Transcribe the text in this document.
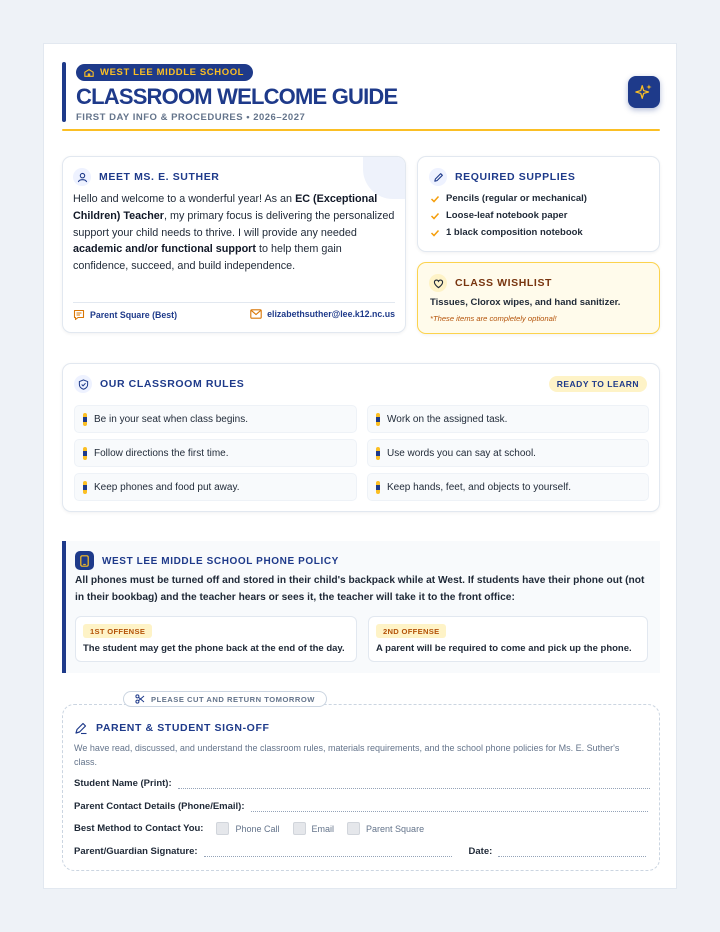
WEST LEE MIDDLE SCHOOL
CLASSROOM WELCOME GUIDE
FIRST DAY INFO & PROCEDURES • 2026–2027
MEET MS. E. SUTHER
Hello and welcome to a wonderful year! As an EC (Exceptional Children) Teacher, my primary focus is delivering the personalized support your child needs to thrive. I will provide any needed academic and/or functional support to help them gain confidence, succeed, and build independence.
Parent Square (Best)	elizabethsuther@lee.k12.nc.us
REQUIRED SUPPLIES
Pencils (regular or mechanical)
Loose-leaf notebook paper
1 black composition notebook
CLASS WISHLIST
Tissues, Clorox wipes, and hand sanitizer.
*These items are completely optional!
OUR CLASSROOM RULES	READY TO LEARN
Be in your seat when class begins.	Work on the assigned task.
Follow directions the first time.	Use words you can say at school.
Keep phones and food put away.	Keep hands, feet, and objects to yourself.
WEST LEE MIDDLE SCHOOL PHONE POLICY
All phones must be turned off and stored in their child's backpack while at West. If students have their phone out (not in their bookbag) and the teacher hears or sees it, the teacher will take it to the front office:
1ST OFFENSE
The student may get the phone back at the end of the day.
2ND OFFENSE
A parent will be required to come and pick up the phone.
PLEASE CUT AND RETURN TOMORROW
PARENT & STUDENT SIGN-OFF
We have read, discussed, and understand the classroom rules, materials requirements, and the school phone policies for Ms. E. Suther's class.
Student Name (Print):
Parent Contact Details (Phone/Email):
Best Method to Contact You:	Phone Call	Email	Parent Square
Parent/Guardian Signature:	Date:
